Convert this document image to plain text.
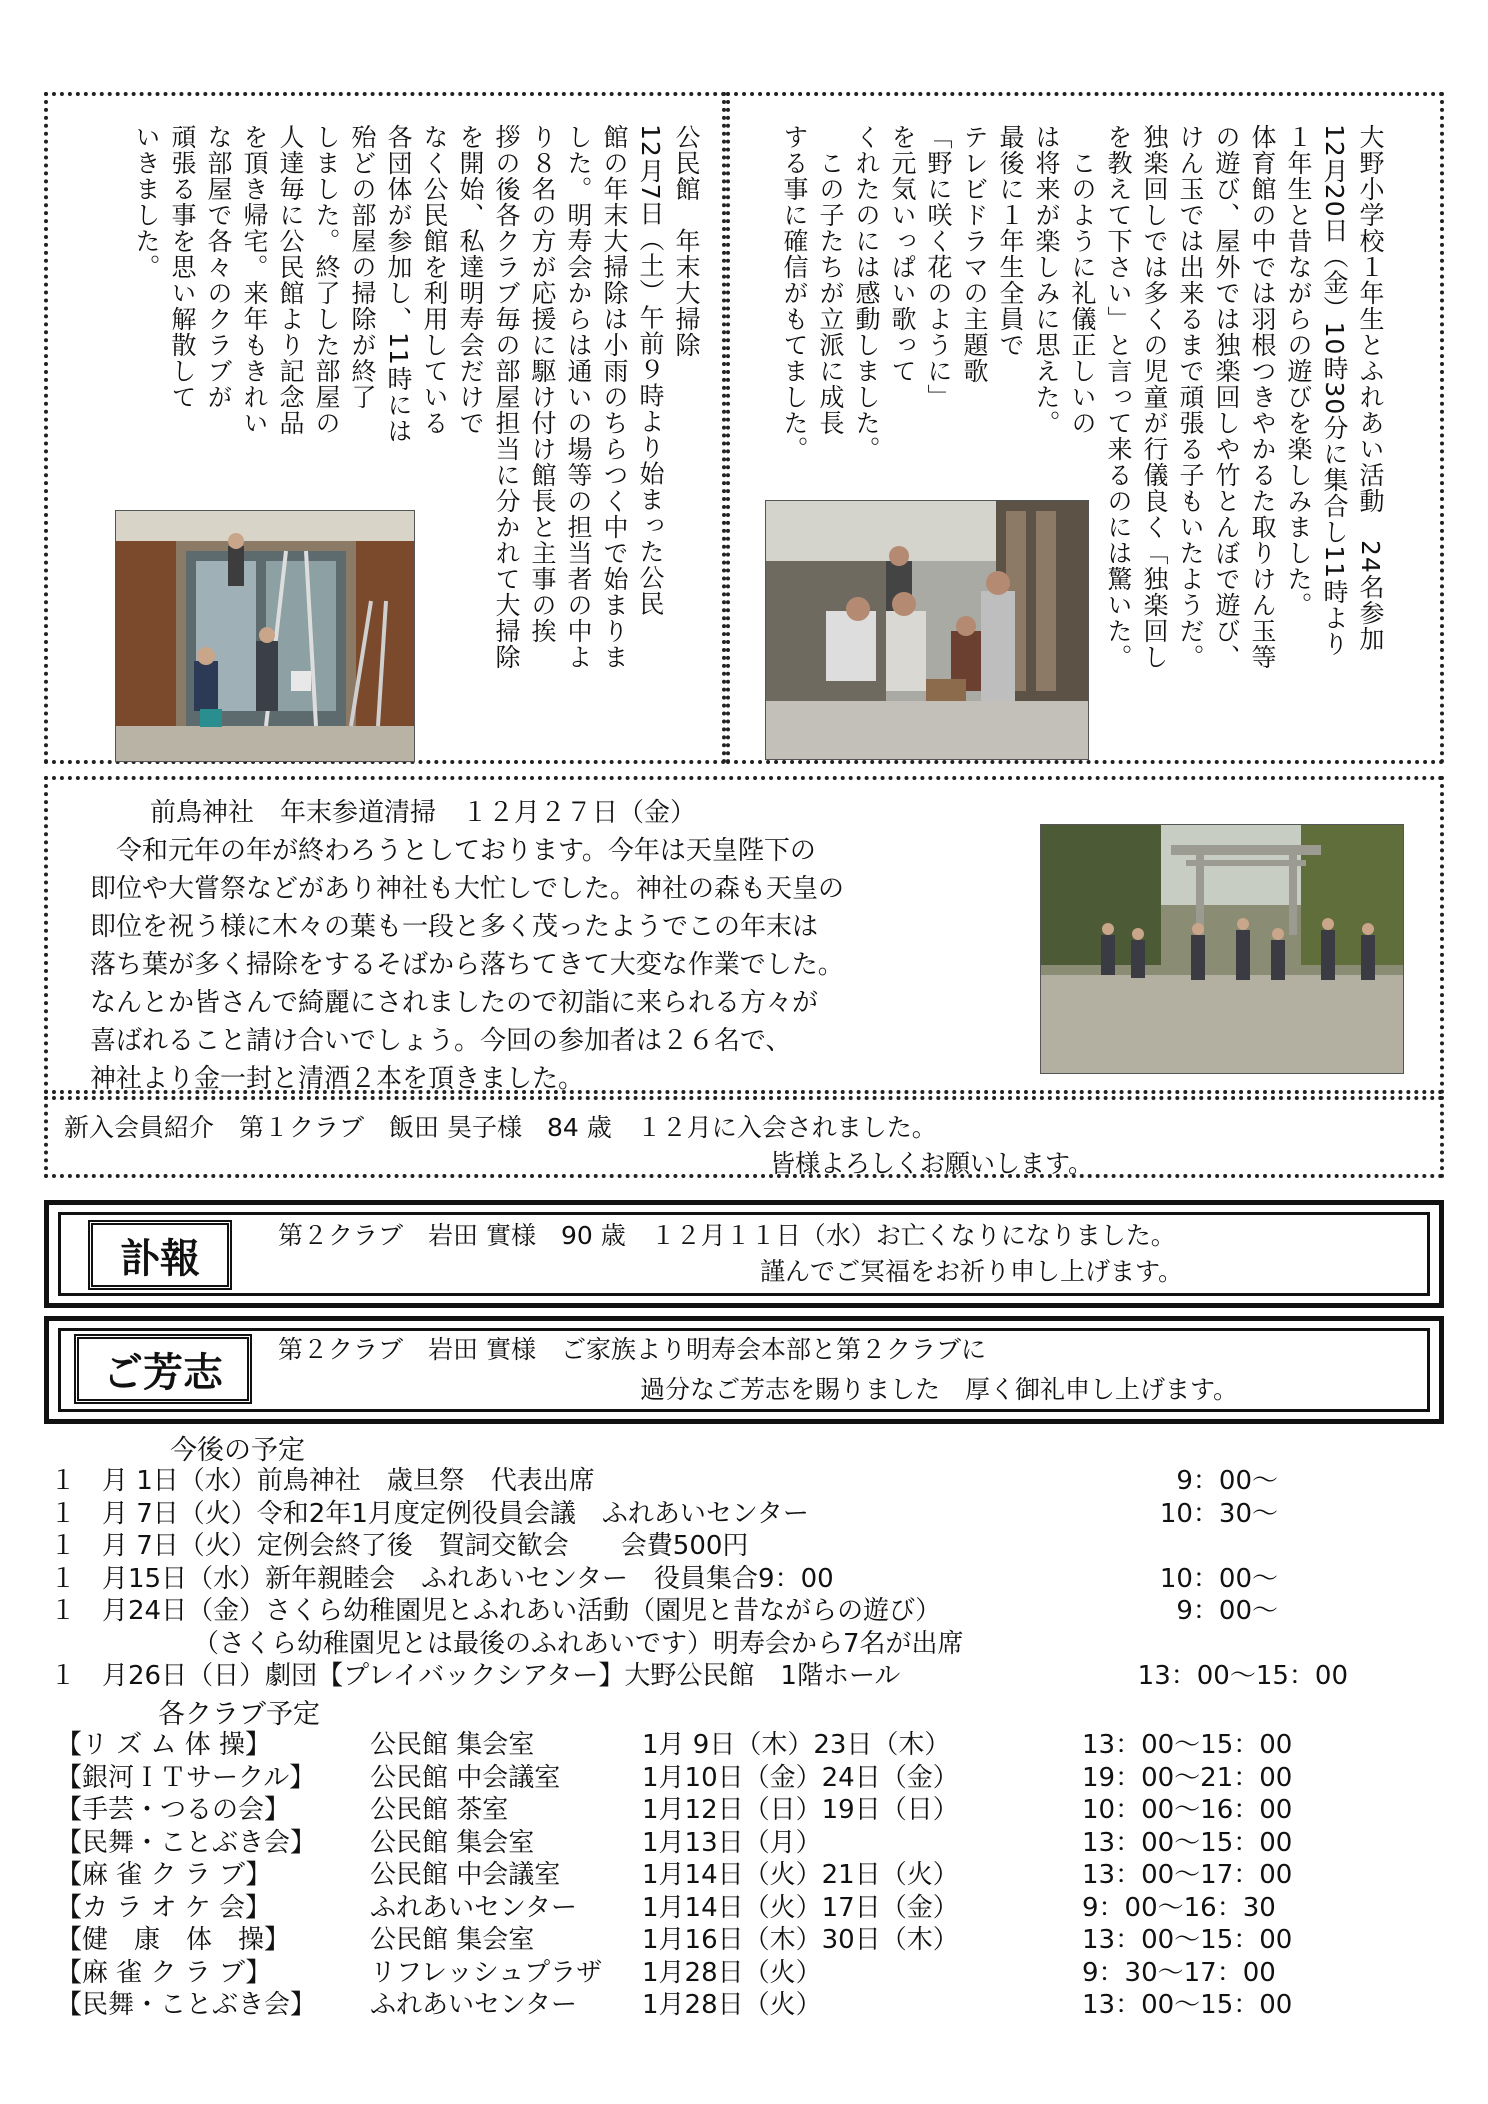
公民館　年末大掃除
12月7日（土）午前９時より始まった公民
館の年末大掃除は小雨のちらつく中で始まりま
した。明寿会からは通いの場等の担当者の中よ
り８名の方が応援に駆け付け館長と主事の挨
拶の後各クラブ毎の部屋担当に分かれて大掃除
を開始、私達明寿会だけで
なく公民館を利用している
各団体が参加し、11時には
殆どの部屋の掃除が終了
しました。終了した部屋の
人達毎に公民館より記念品
を頂き帰宅。来年もきれい
な部屋で各々のクラブが
頑張る事を思い解散して
いきました。	大野小学校１年生とふれあい活動　24名参加
12月20日（金）10時30分に集合し11時より
１年生と昔ながらの遊びを楽しみました。
体育館の中では羽根つきやかるた取りけん玉等
の遊び、屋外では独楽回しや竹とんぼで遊び、
けん玉では出来るまで頑張る子もいたようだ。
独楽回しでは多くの児童が行儀良く「独楽回し
を教えて下さい」と言って来るのには驚いた。
　このように礼儀正しいの
は将来が楽しみに思えた。
最後に１年生全員で
テレビドラマの主題歌
「野に咲く花のように」
を元気いっぱい歌って
くれたのには感動しました。
　この子たちが立派に成長
する事に確信がもてました。
前鳥神社　年末参道清掃　１２月２７日（金）
　令和元年の年が終わろうとしております。今年は天皇陛下の
即位や大嘗祭などがあり神社も大忙しでした。神社の森も天皇の
即位を祝う様に木々の葉も一段と多く茂ったようでこの年末は
落ち葉が多く掃除をするそばから落ちてきて大変な作業でした。
なんとか皆さんで綺麗にされましたので初詣に来られる方々が
喜ばれること請け合いでしょう。今回の参加者は２６名で、
神社より金一封と清酒２本を頂きました。
新入会員紹介　第１クラブ　飯田 昊子様　84 歳　１２月に入会されました。
皆様よろしくお願いします。
訃報	第２クラブ　岩田 實様　90 歳　１２月１１日（水）お亡くなりになりました。
謹んでご冥福をお祈り申し上げます。
ご芳志	第２クラブ　岩田 實様　ご家族より明寿会本部と第２クラブに
過分なご芳志を賜りました　厚く御礼申し上げます。
今後の予定
１　月 1日（水）前鳥神社　歳旦祭　代表出席	9：00～
１　月 7日（火）令和2年1月度定例役員会議　ふれあいセンター	10：30～
１　月 7日（火）定例会終了後　賀詞交歓会　　会費500円
１　月15日（水）新年親睦会　ふれあいセンター　役員集合9：00	10：00～
１　月24日（金）さくら幼稚園児とふれあい活動（園児と昔ながらの遊び）	9：00～
　　　　　　（さくら幼稚園児とは最後のふれあいです）明寿会から7名が出席
１　月26日（日）劇団【プレイバックシアター】大野公民館　1階ホール	13：00～15：00
各クラブ予定
【リ ズ ム 体 操】	公民館 集会室	1月 9日（木）23日（木）	13：00～15：00
【銀河ＩＴサークル】 公民館 中会議室	1月10日（金）24日（金）	19：00～21：00
【手芸・つるの会】	公民館 茶室	1月12日（日）19日（日）	10：00～16：00
【民舞・ことぶき会】 公民館 集会室	1月13日（月）	13：00～15：00
【麻 雀 ク ラ ブ】	公民館 中会議室	1月14日（火）21日（火）	13：00～17：00
【カ ラ オ ケ 会】	ふれあいセンター	1月14日（火）17日（金）	9：00～16：30
【健　康　体　操】	公民館 集会室	1月16日（木）30日（木）	13：00～15：00
【麻 雀 ク ラ ブ】	リフレッシュプラザ 1月28日（火）	9：30～17：00
【民舞・ことぶき会】 ふれあいセンター	1月28日（火）	13：00～15：00
